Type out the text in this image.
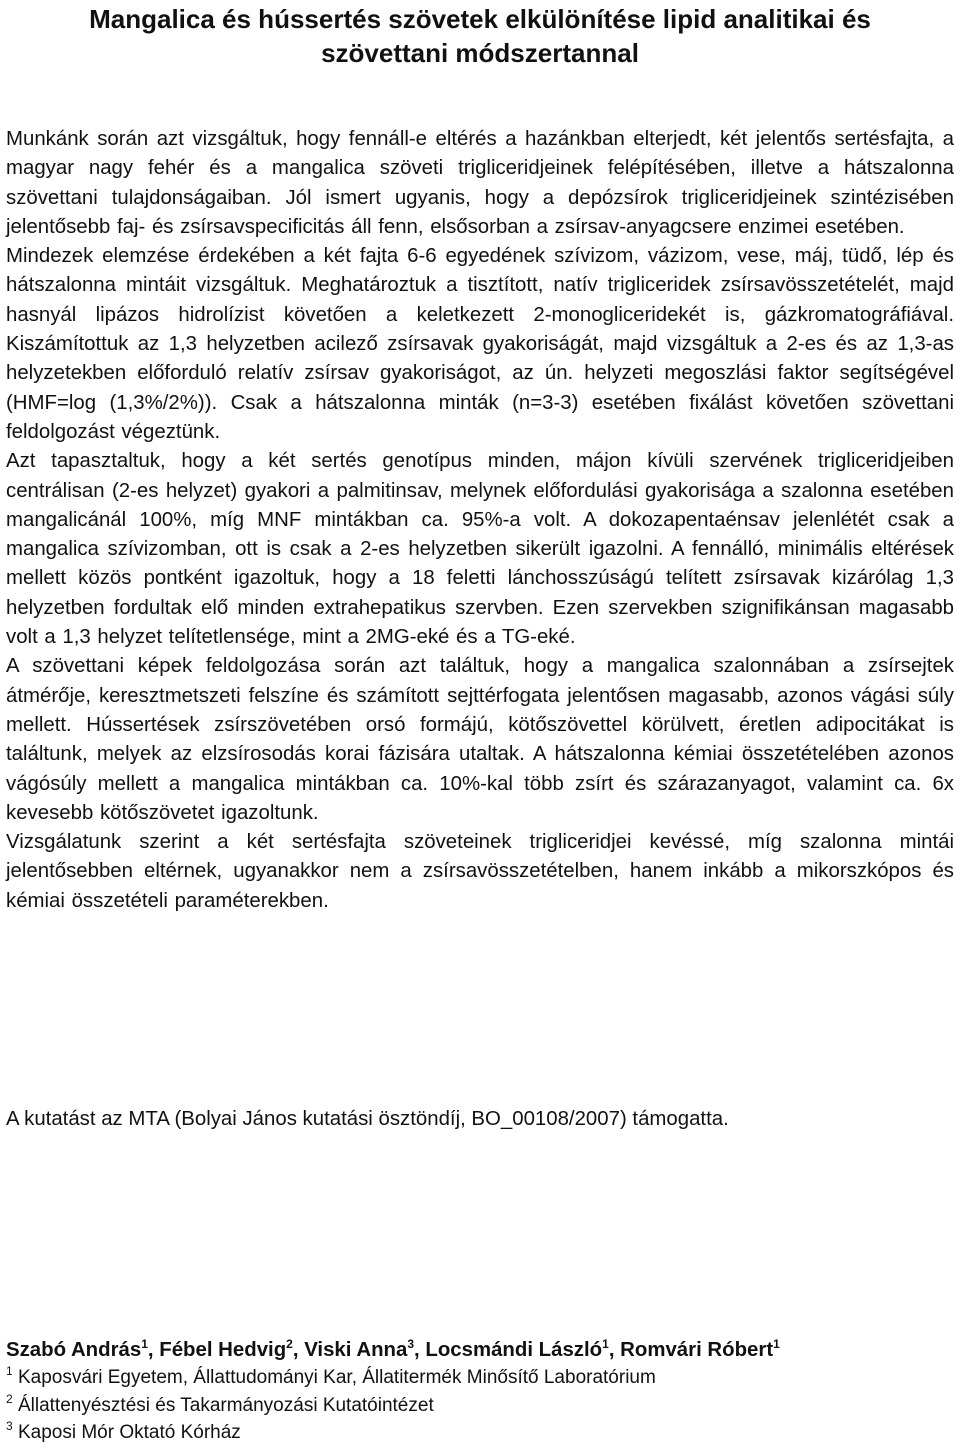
Mangalica és hússertés szövetek elkülönítése lipid analitikai és
szövettani módszertannal

Munkánk során azt vizsgáltuk, hogy fennáll-e eltérés a hazánkban elterjedt, két jelentős sertésfajta, a magyar nagy fehér és a mangalica szöveti trigliceridjeinek felépítésében, illetve a hátszalonna szövettani tulajdonságaiban. Jól ismert ugyanis, hogy a depózsírok trigliceridjeinek szintézisében jelentősebb faj- és zsírsavspecificitás áll fenn, elsősorban a zsírsav-anyagcsere enzimei esetében.

Mindezek elemzése érdekében a két fajta 6-6 egyedének szívizom, vázizom, vese, máj, tüdő, lép és hátszalonna mintáit vizsgáltuk. Meghatároztuk a tisztított, natív trigliceridek zsírsavösszetételét, majd hasnyál lipázos hidrolízist követően a keletkezett 2-monogliceridekét is, gázkromatográfiával. Kiszámítottuk az 1,3 helyzetben acilező zsírsavak gyakoriságát, majd vizsgáltuk a 2-es és az 1,3-as helyzetekben előforduló relatív zsírsav gyakoriságot, az ún. helyzeti megoszlási faktor segítségével (HMF=log (1,3%/2%)). Csak a hátszalonna minták (n=3-3) esetében fixálást követően szövettani feldolgozást végeztünk.

Azt tapasztaltuk, hogy a két sertés genotípus minden, májon kívüli szervének trigliceridjeiben centrálisan (2-es helyzet) gyakori a palmitinsav, melynek előfordulási gyakorisága a szalonna esetében mangalicánál 100%, míg MNF mintákban ca. 95%-a volt. A dokozapentaénsav jelenlétét csak a mangalica szívizomban, ott is csak a 2-es helyzetben sikerült igazolni. A fennálló, minimális eltérések mellett közös pontként igazoltuk, hogy a 18 feletti lánchosszúságú telített zsírsavak kizárólag 1,3 helyzetben fordultak elő minden extrahepatikus szervben. Ezen szervekben szignifikánsan magasabb volt a 1,3 helyzet telítetlensége, mint a 2MG-eké és a TG-eké.

A szövettani képek feldolgozása során azt találtuk, hogy a mangalica szalonnában a zsírsejtek átmérője, keresztmetszeti felszíne és számított sejttérfogata jelentősen magasabb, azonos vágási súly mellett. Hússertések zsírszövetében orsó formájú, kötőszövettel körülvett, éretlen adipocitákat is találtunk, melyek az elzsírosodás korai fázisára utaltak. A hátszalonna kémiai összetételében azonos vágósúly mellett a mangalica mintákban ca. 10%-kal több zsírt és szárazanyagot, valamint ca. 6x kevesebb kötőszövetet igazoltunk.

Vizsgálatunk szerint a két sertésfajta szöveteinek trigliceridjei kevéssé, míg szalonna mintái jelentősebben eltérnek, ugyanakkor nem a zsírsavösszetételben, hanem inkább a mikorszkópos és kémiai összetételi paraméterekben.

A kutatást az MTA (Bolyai János kutatási ösztöndíj, BO_00108/2007) támogatta.

Szabó András$^1$, Fébel Hedvig$^2$, Viski Anna$^3$, Locsmándi László$^1$, Romvári Róbert$^1$

$^1$ Kaposvári Egyetem, Állattudományi Kar, Állatitermék Minősítő Laboratórium

$^2$ Állattenyésztési és Takarmányozási Kutatóintézet

$^3$ Kaposi Mór Oktató Kórház
